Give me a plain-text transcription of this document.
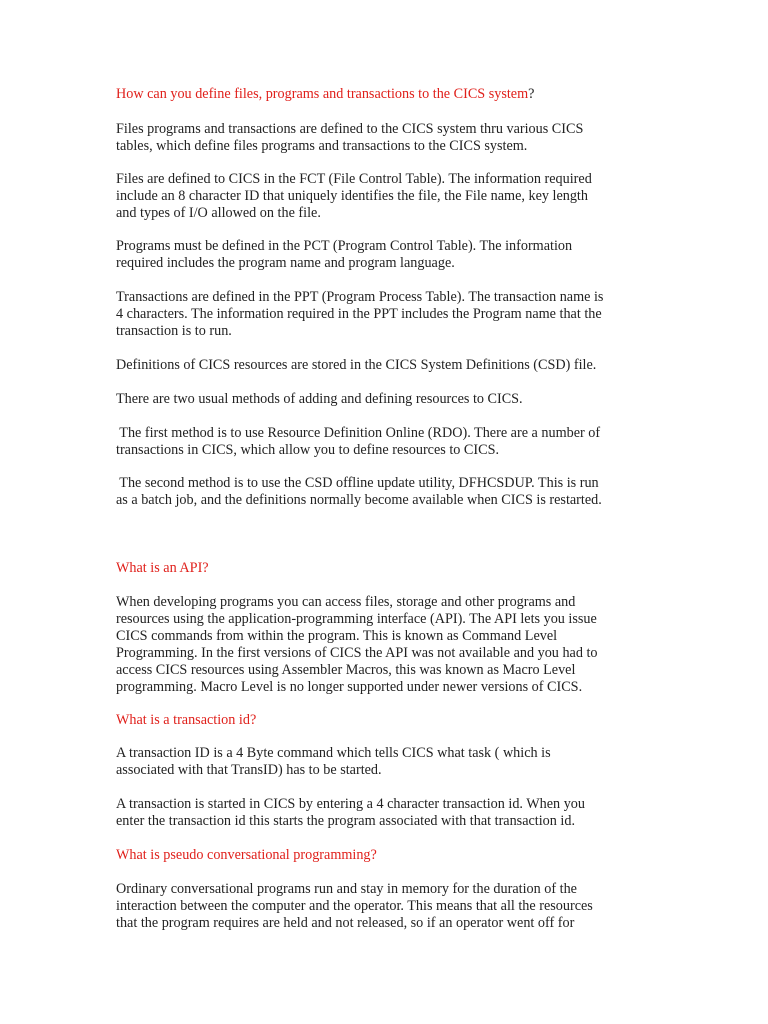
How can you define files, programs and transactions to the CICS system?
Files programs and transactions are defined to the CICS system thru various CICS
tables, which define files programs and transactions to the CICS system.
Files are defined to CICS in the FCT (File Control Table). The information required
include an 8 character ID that uniquely identifies the file, the File name, key length
and types of I/O allowed on the file.
Programs must be defined in the PCT (Program Control Table). The information
required includes the program name and program language.
Transactions are defined in the PPT (Program Process Table). The transaction name is
4 characters. The information required in the PPT includes the Program name that the
transaction is to run.
Definitions of CICS resources are stored in the CICS System Definitions (CSD) file.
There are two usual methods of adding and defining resources to CICS.
The first method is to use Resource Definition Online (RDO). There are a number of
transactions in CICS, which allow you to define resources to CICS.
The second method is to use the CSD offline update utility, DFHCSDUP. This is run
as a batch job, and the definitions normally become available when CICS is restarted.
What is an API?
When developing programs you can access files, storage and other programs and
resources using the application-programming interface (API). The API lets you issue
CICS commands from within the program. This is known as Command Level
Programming. In the first versions of CICS the API was not available and you had to
access CICS resources using Assembler Macros, this was known as Macro Level
programming. Macro Level is no longer supported under newer versions of CICS.
What is a transaction id?
A transaction ID is a 4 Byte command which tells CICS what task ( which is
associated with that TransID) has to be started.
A transaction is started in CICS by entering a 4 character transaction id. When you
enter the transaction id this starts the program associated with that transaction id.
What is pseudo conversational programming?
Ordinary conversational programs run and stay in memory for the duration of the
interaction between the computer and the operator. This means that all the resources
that the program requires are held and not released, so if an operator went off for
